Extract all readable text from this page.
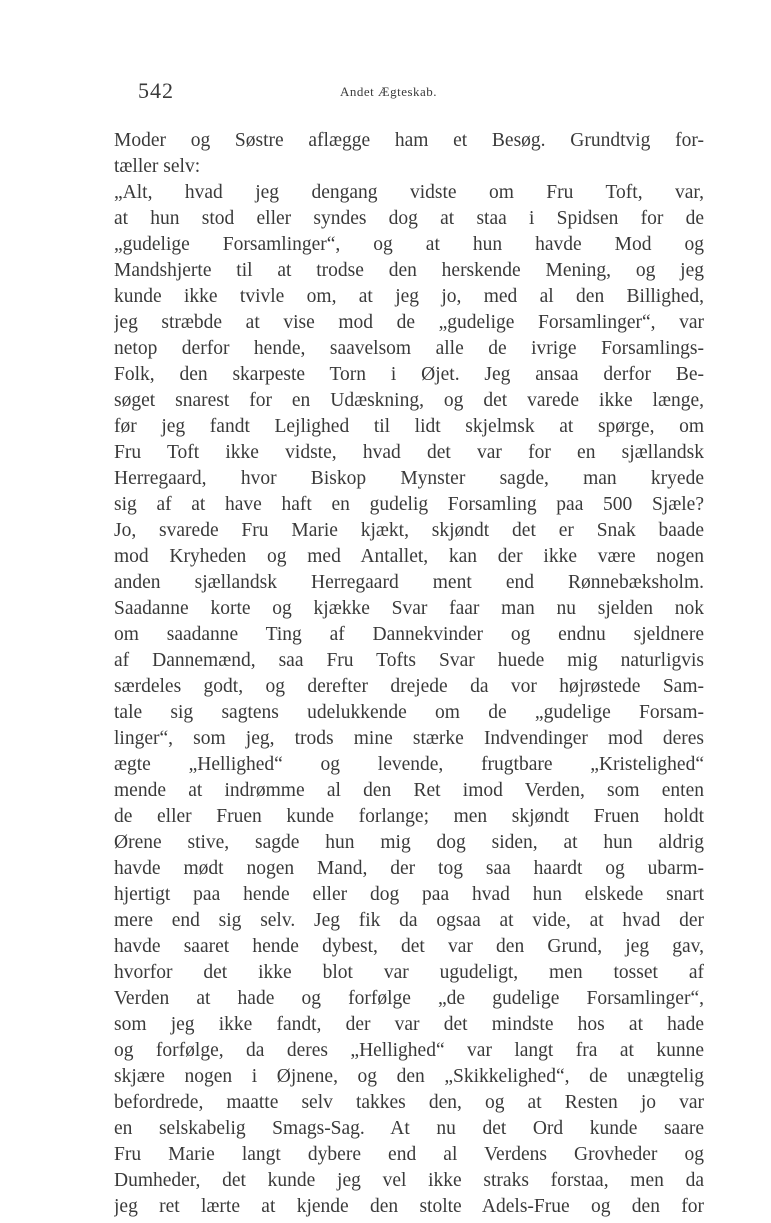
542	Andet Ægteskab.
Moder og Søstre aflægge ham et Besøg. Grundtvig for-
tæller selv:
„Alt, hvad jeg dengang vidste om Fru Toft, var,
at hun stod eller syndes dog at staa i Spidsen for de
„gudelige Forsamlinger“, og at hun havde Mod og
Mandshjerte til at trodse den herskende Mening, og jeg
kunde ikke tvivle om, at jeg jo, med al den Billighed,
jeg stræbde at vise mod de „gudelige Forsamlinger“, var
netop derfor hende, saavelsom alle de ivrige Forsamlings-
Folk, den skarpeste Torn i Øjet. Jeg ansaa derfor Be-
søget snarest for en Udæskning, og det varede ikke længe,
før jeg fandt Lejlighed til lidt skjelmsk at spørge, om
Fru Toft ikke vidste, hvad det var for en sjællandsk
Herregaard, hvor Biskop Mynster sagde, man kryede
sig af at have haft en gudelig Forsamling paa 500 Sjæle?
Jo, svarede Fru Marie kjækt, skjøndt det er Snak baade
mod Kryheden og med Antallet, kan der ikke være nogen
anden sjællandsk Herregaard ment end Rønnebæksholm.
Saadanne korte og kjække Svar faar man nu sjelden nok
om saadanne Ting af Dannekvinder og endnu sjeldnere
af Dannemænd, saa Fru Tofts Svar huede mig naturligvis
særdeles godt, og derefter drejede da vor højrøstede Sam-
tale sig sagtens udelukkende om de „gudelige Forsam-
linger“, som jeg, trods mine stærke Indvendinger mod deres
ægte „Hellighed“ og levende, frugtbare „Kristelighed“
mende at indrømme al den Ret imod Verden, som enten
de eller Fruen kunde forlange; men skjøndt Fruen holdt
Ørene stive, sagde hun mig dog siden, at hun aldrig
havde mødt nogen Mand, der tog saa haardt og ubarm-
hjertigt paa hende eller dog paa hvad hun elskede snart
mere end sig selv. Jeg fik da ogsaa at vide, at hvad der
havde saaret hende dybest, det var den Grund, jeg gav,
hvorfor det ikke blot var ugudeligt, men tosset af
Verden at hade og forfølge „de gudelige Forsamlinger“,
som jeg ikke fandt, der var det mindste hos at hade
og forfølge, da deres „Hellighed“ var langt fra at kunne
skjære nogen i Øjnene, og den „Skikkelighed“, de unægtelig
befordrede, maatte selv takkes den, og at Resten jo var
en selskabelig Smags-Sag. At nu det Ord kunde saare
Fru Marie langt dybere end al Verdens Grovheder og
Dumheder, det kunde jeg vel ikke straks forstaa, men da
jeg ret lærte at kjende den stolte Adels-Frue og den for
